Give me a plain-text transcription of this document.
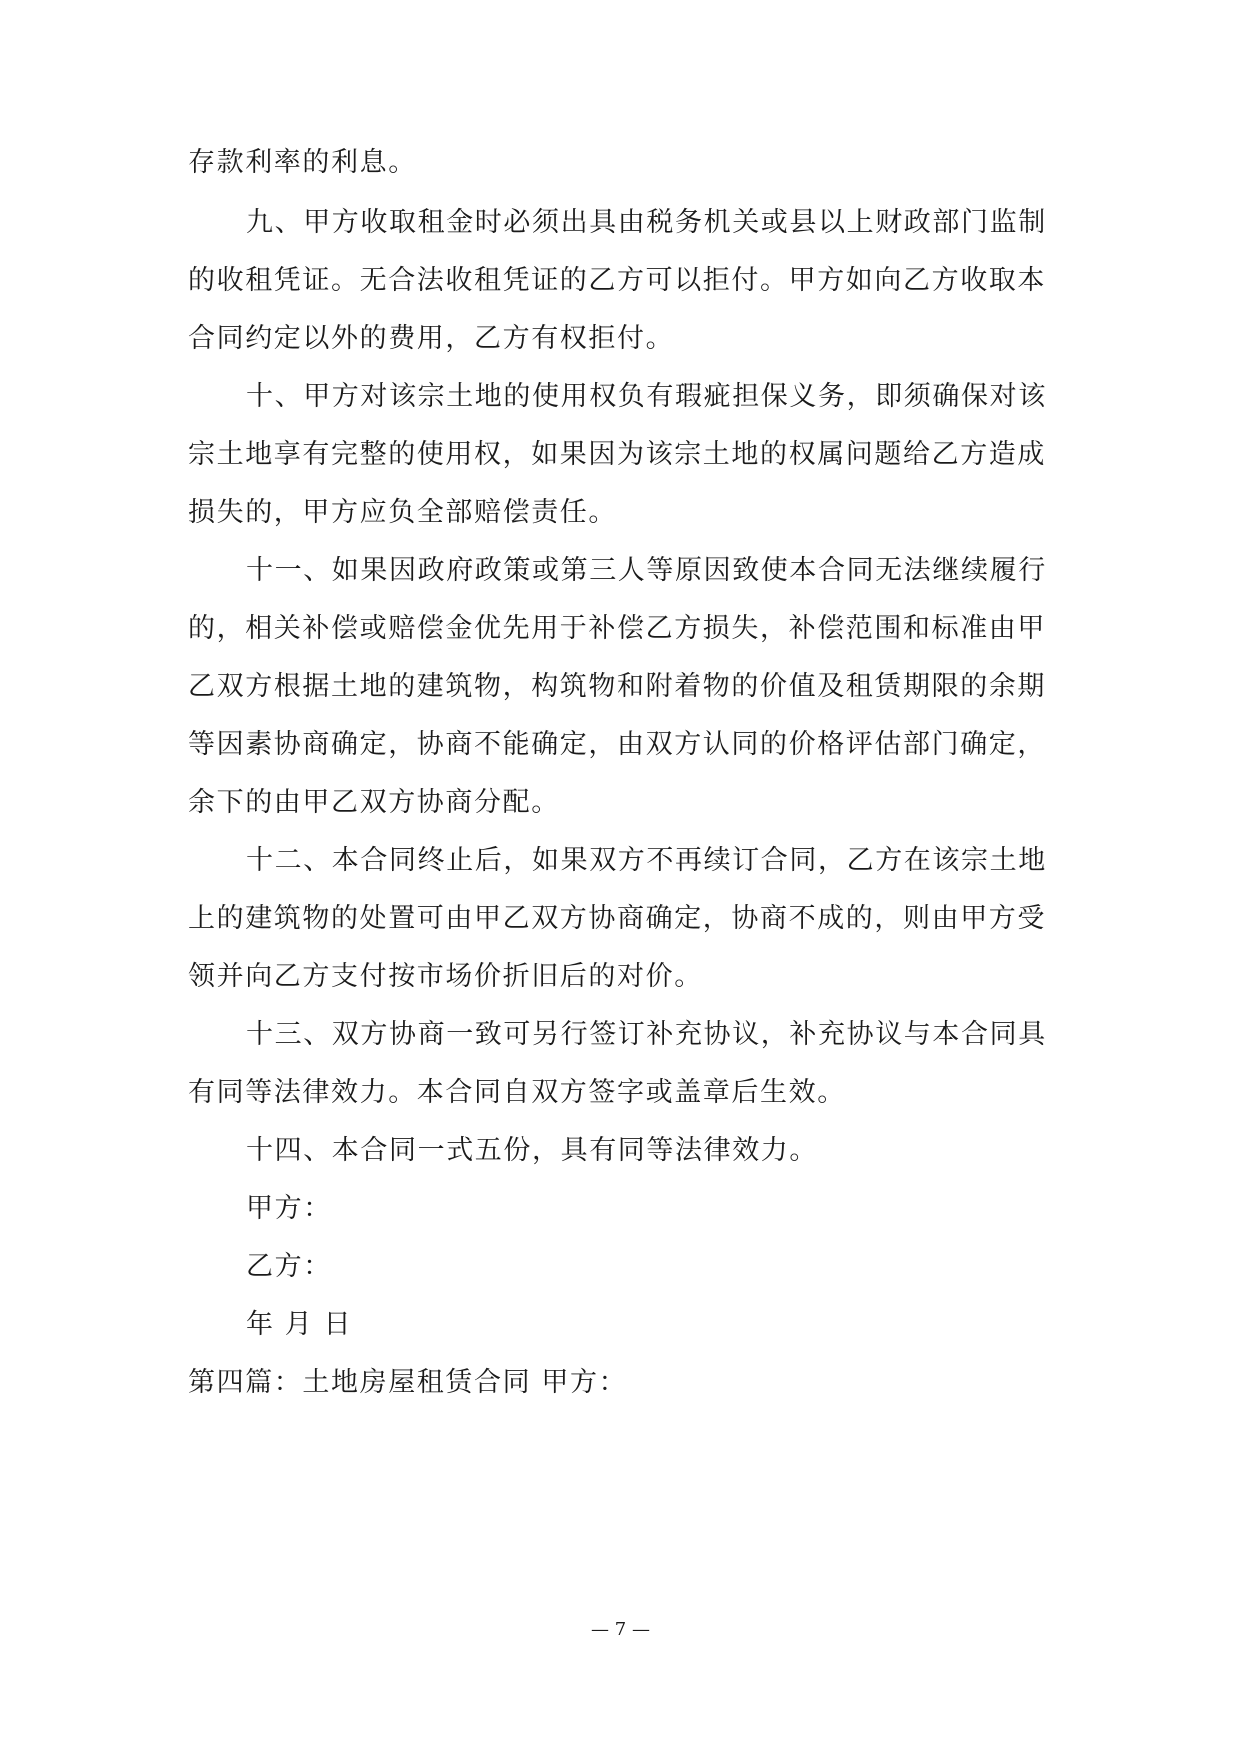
存款利率的利息。
九、甲方收取租金时必须出具由税务机关或县以上财政部门监制
的收租凭证。无合法收租凭证的乙方可以拒付。甲方如向乙方收取本
合同约定以外的费用，乙方有权拒付。
十、甲方对该宗土地的使用权负有瑕疵担保义务，即须确保对该
宗土地享有完整的使用权，如果因为该宗土地的权属问题给乙方造成
损失的，甲方应负全部赔偿责任。
十一、如果因政府政策或第三人等原因致使本合同无法继续履行
的，相关补偿或赔偿金优先用于补偿乙方损失，补偿范围和标准由甲
乙双方根据土地的建筑物，构筑物和附着物的价值及租赁期限的余期
等因素协商确定，协商不能确定，由双方认同的价格评估部门确定，
余下的由甲乙双方协商分配。
十二、本合同终止后，如果双方不再续订合同，乙方在该宗土地
上的建筑物的处置可由甲乙双方协商确定，协商不成的，则由甲方受
领并向乙方支付按市场价折旧后的对价。
十三、双方协商一致可另行签订补充协议，补充协议与本合同具
有同等法律效力。本合同自双方签字或盖章后生效。
十四、本合同一式五份，具有同等法律效力。
甲方：
乙方：
年 月 日
第四篇：土地房屋租赁合同 甲方：
— 7 —
